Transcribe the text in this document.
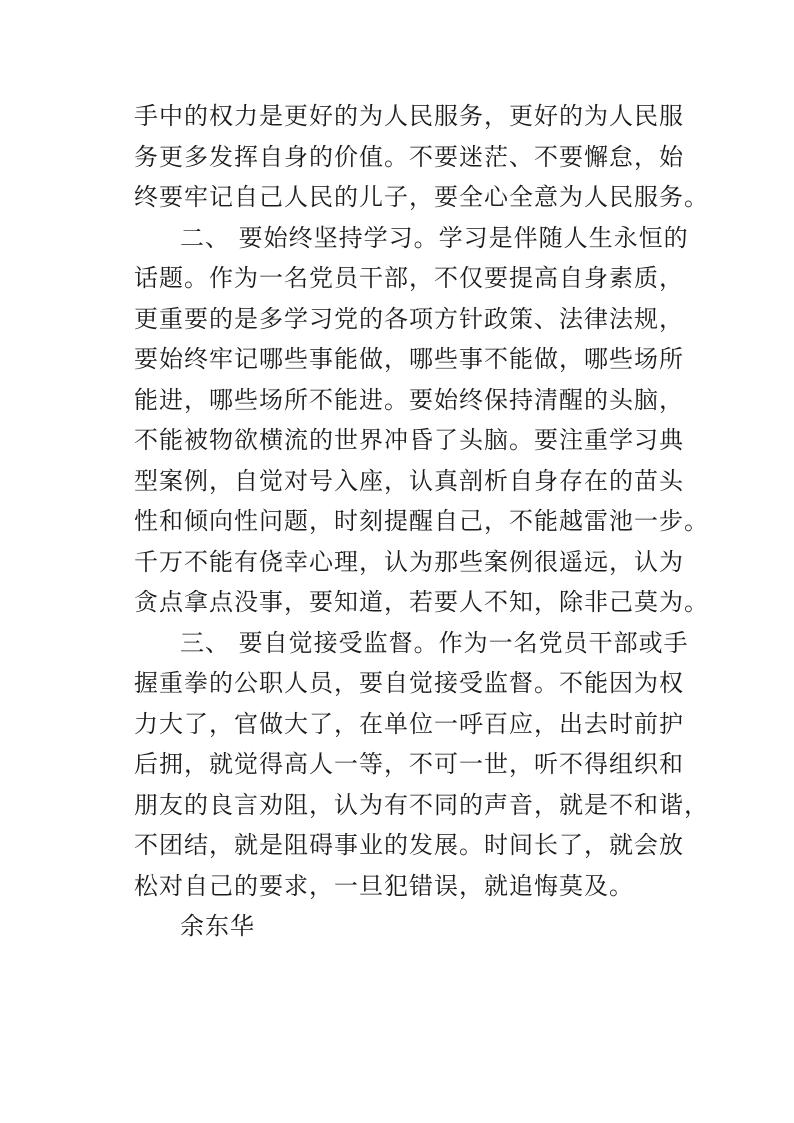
手中的权力是更好的为人民服务，更好的为人民服
务更多发挥自身的价值。不要迷茫、不要懈怠，始
终要牢记自己人民的儿子，要全心全意为人民服务。
二、 要始终坚持学习。学习是伴随人生永恒的
话题。作为一名党员干部，不仅要提高自身素质，
更重要的是多学习党的各项方针政策、法律法规，
要始终牢记哪些事能做，哪些事不能做，哪些场所
能进，哪些场所不能进。要始终保持清醒的头脑，
不能被物欲横流的世界冲昏了头脑。要注重学习典
型案例，自觉对号入座，认真剖析自身存在的苗头
性和倾向性问题，时刻提醒自己，不能越雷池一步。
千万不能有侥幸心理，认为那些案例很遥远，认为
贪点拿点没事，要知道，若要人不知，除非己莫为。
三、 要自觉接受监督。作为一名党员干部或手
握重拳的公职人员，要自觉接受监督。不能因为权
力大了，官做大了，在单位一呼百应，出去时前护
后拥，就觉得高人一等，不可一世，听不得组织和
朋友的良言劝阻，认为有不同的声音，就是不和谐，
不团结，就是阻碍事业的发展。时间长了，就会放
松对自己的要求，一旦犯错误，就追悔莫及。
余东华
